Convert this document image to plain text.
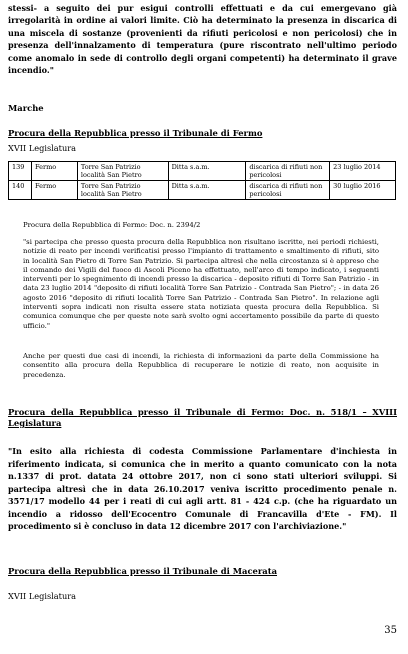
stessi- a seguito dei pur esigui controlli effettuati e da cui emergevano già irregolarità in ordine ai valori limite. Ciò ha determinato la presenza in discarica di una miscela di sostanze (provenienti da rifiuti pericolosi e non pericolosi) che in presenza dell'innalzamento di temperatura (pure riscontrato nell'ultimo periodo come anomalo in sede di controllo degli organi competenti) ha determinato il grave incendio."

Marche
Procura della Repubblica presso il Tribunale di Fermo
XVII Legislatura
139	Fermo	Torre San Patrizio località San Pietro	Ditta s.a.m.	discarica di rifiuti non pericolosi	23 luglio 2014
140	Fermo	Torre San Patrizio località San Pietro	Ditta s.a.m.	discarica di rifiuti non pericolosi	30 luglio 2016
Procura della Repubblica di Fermo: Doc. n. 2394/2

"si partecipa che presso questa procura della Repubblica non risultano iscritte, nei periodi richiesti, notizie di reato per incendi verificatisi presso l'impianto di trattamento e smaltimento di rifiuti, sito in località San Pietro di Torre San Patrizio. Si partecipa altresì che nella circostanza si è appreso che il comando dei Vigili del fuoco di Ascoli Piceno ha effettuato, nell'arco di tempo indicato, i seguenti interventi per lo spegnimento di incendi presso la discarica - deposito rifiuti di Torre San Patrizio - in data 23 luglio 2014 "deposito di rifiuti località Torre San Patrizio - Contrada San Pietro"; - in data 26 agosto 2016 "deposito di rifiuti località Torre San Patrizio - Contrada San Pietro". In relazione agli interventi sopra indicati non risulta essere stata notiziata questa procura della Repubblica. Si comunica comunque che per queste note sarà svolto ogni accertamento possibile da parte di questo ufficio."

Anche per questi due casi di incendi, la richiesta di informazioni da parte della Commissione ha consentito alla procura della Repubblica di recuperare le notizie di reato, non acquisite in precedenza.

Procura della Repubblica presso il Tribunale di Fermo: Doc. n. 518/1 – XVIII Legislatura

"In esito alla richiesta di codesta Commissione Parlamentare d'inchiesta in riferimento indicata, si comunica che in merito a quanto comunicato con la nota n.1337 di prot. datata 24 ottobre 2017, non ci sono stati ulteriori sviluppi. Si partecipa altresì che in data 26.10.2017 veniva iscritto procedimento penale n. 3571/17 modello 44 per i reati di cui agli artt. 81 - 424 c.p. (che ha riguardato un incendio a ridosso dell'Ecocentro Comunale di Francavilla d'Ete - FM). Il procedimento si è concluso in data 12 dicembre 2017 con l'archiviazione."

Procura della Repubblica presso il Tribunale di Macerata
XVII Legislatura
35
